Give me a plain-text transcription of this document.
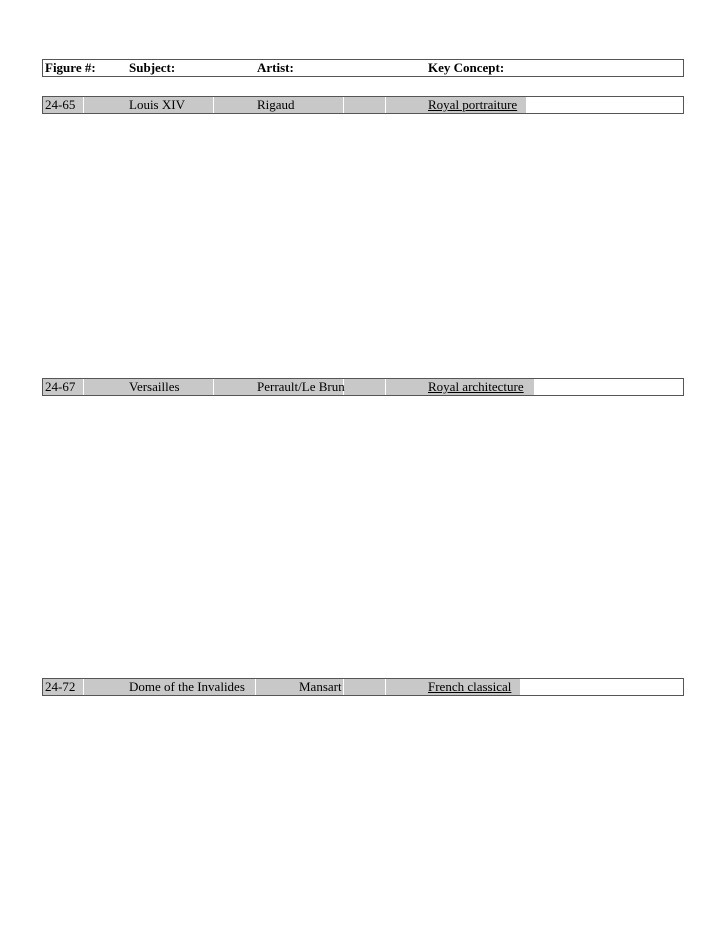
Figure #:	Subject:	Artist:	Key Concept:
24-65	Louis XIV	Rigaud	Royal portraiture
24-67	Versailles	Perrault/Le Brun	Royal architecture
24-72	Dome of the Invalides	Mansart	French classical
